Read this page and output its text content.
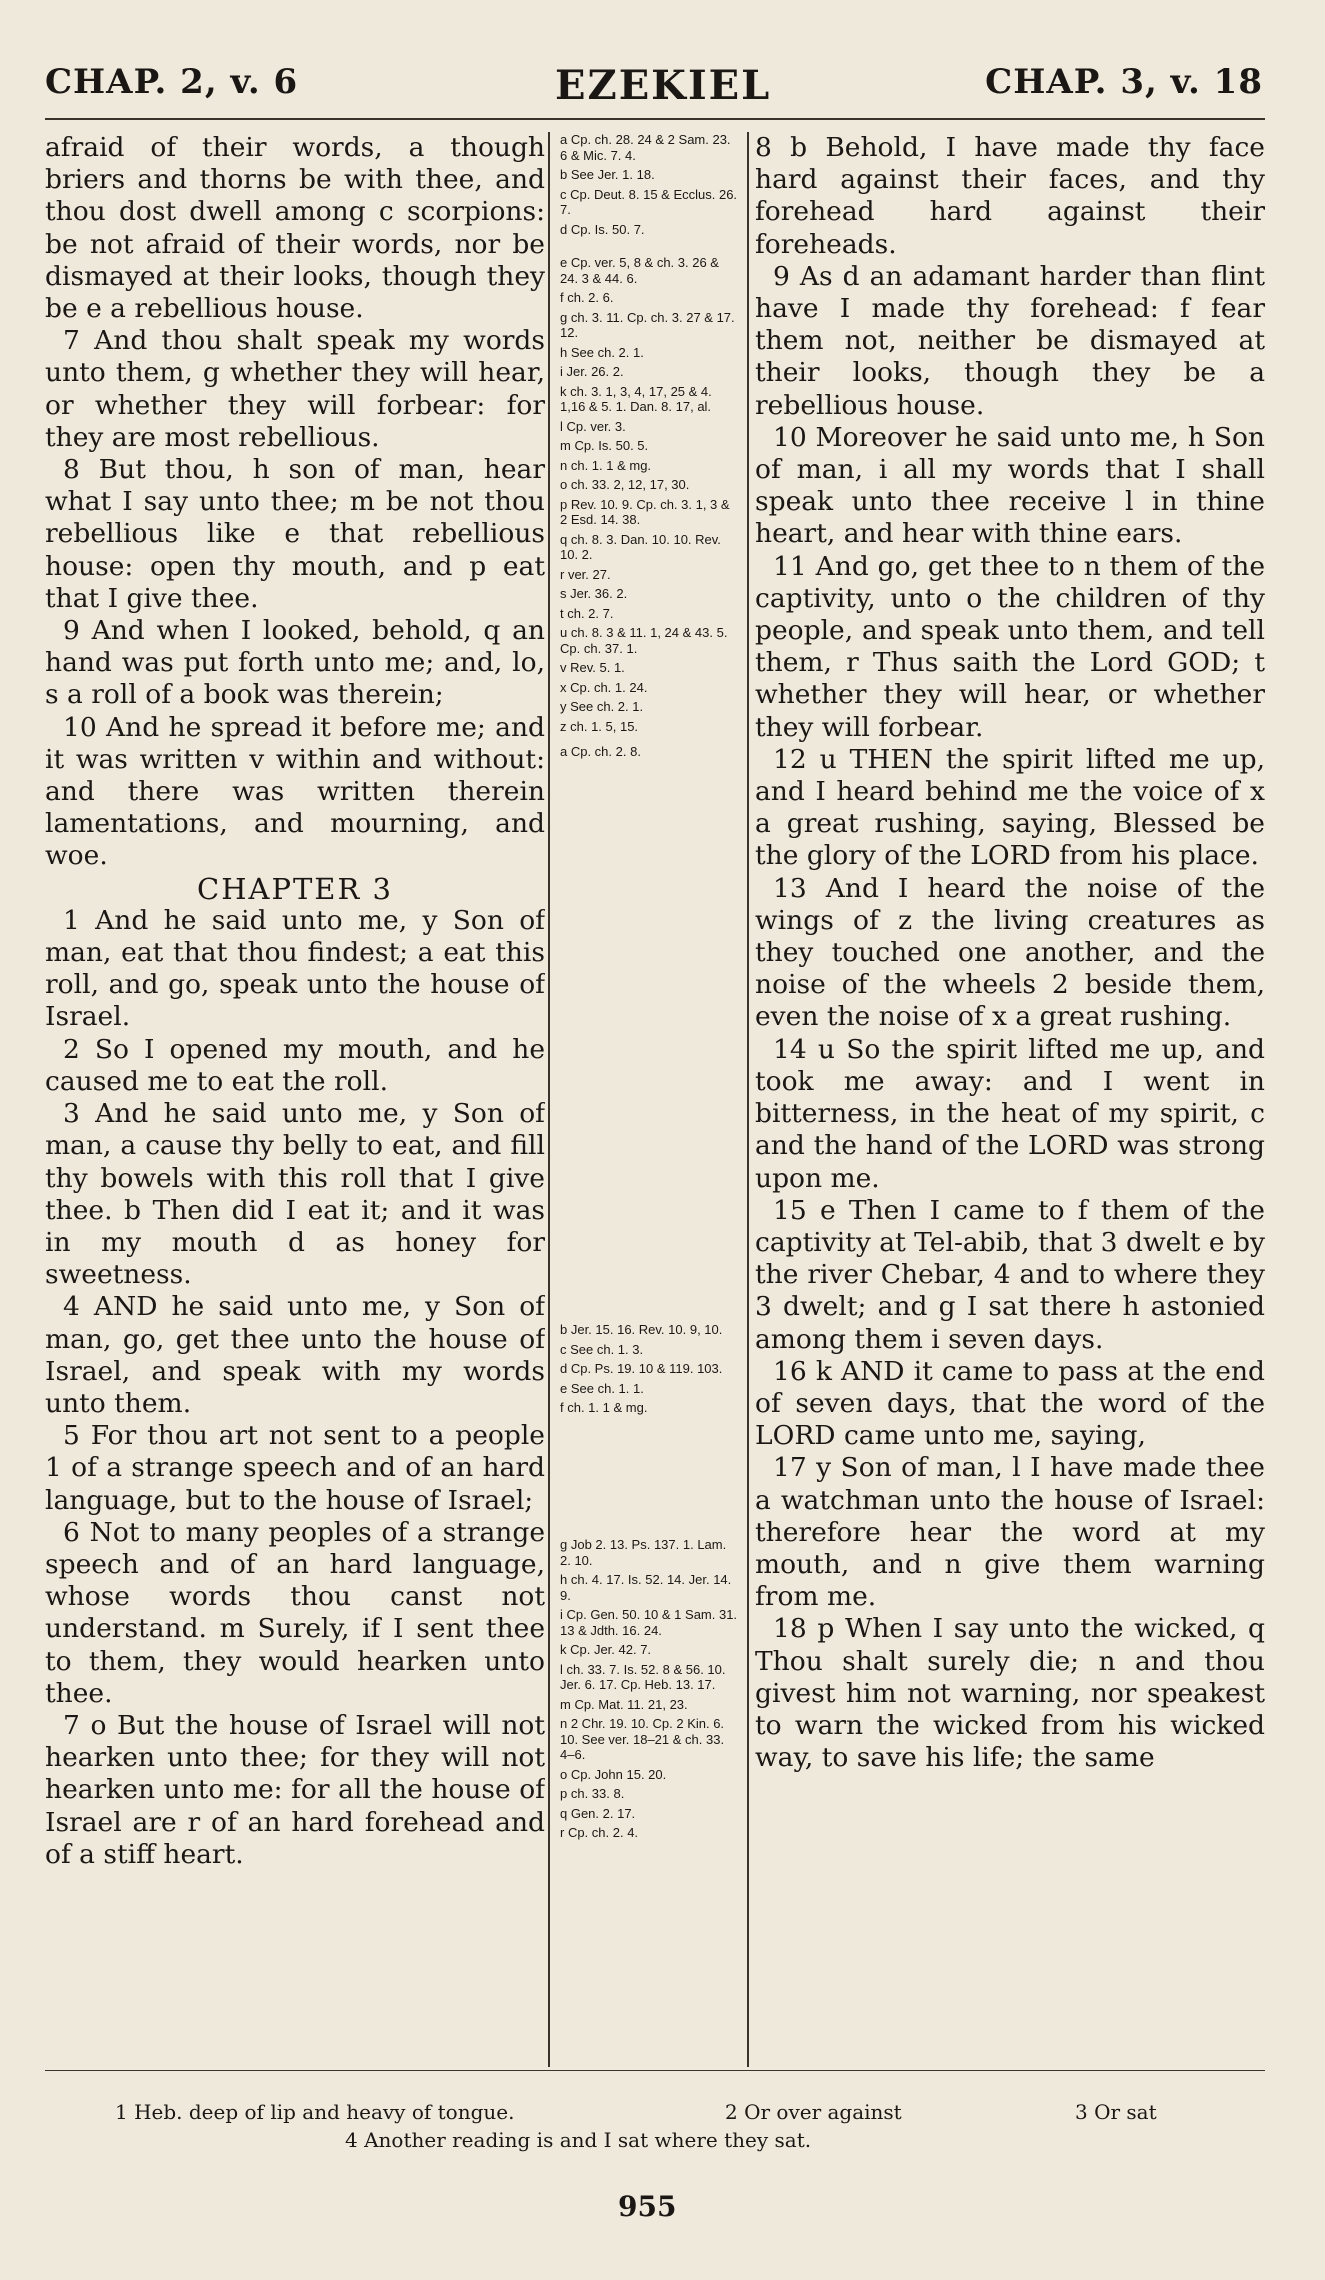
CHAP. 2, v. 6	EZEKIEL	CHAP. 3, v. 18

afraid of their words, a though briers and thorns be with thee, and thou dost dwell among c scorpions: be not afraid of their words, nor be dismayed at their looks, though they be e a rebellious house.

7 And thou shalt speak my words unto them, g whether they will hear, or whether they will forbear: for they are most rebellious.

8 But thou, h son of man, hear what I say unto thee; m be not thou rebellious like e that rebellious house: open thy mouth, and p eat that I give thee.

9 And when I looked, behold, q an hand was put forth unto me; and, lo, s a roll of a book was therein;

10 And he spread it before me; and it was written v within and without: and there was written therein lamentations, and mourning, and woe.

CHAPTER 3

1 And he said unto me, y Son of man, eat that thou findest; a eat this roll, and go, speak unto the house of Israel.

2 So I opened my mouth, and he caused me to eat the roll.

3 And he said unto me, y Son of man, a cause thy belly to eat, and fill thy bowels with this roll that I give thee. b Then did I eat it; and it was in my mouth d as honey for sweetness.

4 AND he said unto me, y Son of man, go, get thee unto the house of Israel, and speak with my words unto them.

5 For thou art not sent to a people 1 of a strange speech and of an hard language, but to the house of Israel;

6 Not to many peoples of a strange speech and of an hard language, whose words thou canst not understand. m Surely, if I sent thee to them, they would hearken unto thee.

7 o But the house of Israel will not hearken unto thee; for they will not hearken unto me: for all the house of Israel are r of an hard forehead and of a stiff heart.

a Cp. ch. 28. 24 & 2 Sam. 23. 6 & Mic. 7. 4.

b See Jer. 1. 18.

c Cp. Deut. 8. 15 & Ecclus. 26. 7.

d Cp. Is. 50. 7.

e Cp. ver. 5, 8 & ch. 3. 26 & 24. 3 & 44. 6.

f ch. 2. 6.

g ch. 3. 11. Cp. ch. 3. 27 & 17. 12.

h See ch. 2. 1.

i Jer. 26. 2.

k ch. 3. 1, 3, 4, 17, 25 & 4. 1,16 & 5. 1. Dan. 8. 17, al.

l Cp. ver. 3.

m Cp. Is. 50. 5.

n ch. 1. 1 & mg.

o ch. 33. 2, 12, 17, 30.

p Rev. 10. 9. Cp. ch. 3. 1, 3 & 2 Esd. 14. 38.

q ch. 8. 3. Dan. 10. 10. Rev. 10. 2.

r ver. 27.

s Jer. 36. 2.

t ch. 2. 7.

u ch. 8. 3 & 11. 1, 24 & 43. 5. Cp. ch. 37. 1.

v Rev. 5. 1.

x Cp. ch. 1. 24.

y See ch. 2. 1.

z ch. 1. 5, 15.

a Cp. ch. 2. 8.

b Jer. 15. 16. Rev. 10. 9, 10.

c See ch. 1. 3.

d Cp. Ps. 19. 10 & 119. 103.

e See ch. 1. 1.

f ch. 1. 1 & mg.

g Job 2. 13. Ps. 137. 1. Lam. 2. 10.

h ch. 4. 17. Is. 52. 14. Jer. 14. 9.

i Cp. Gen. 50. 10 & 1 Sam. 31. 13 & Jdth. 16. 24.

k Cp. Jer. 42. 7.

l ch. 33. 7. Is. 52. 8 & 56. 10. Jer. 6. 17. Cp. Heb. 13. 17.

m Cp. Mat. 11. 21, 23.

n 2 Chr. 19. 10. Cp. 2 Kin. 6. 10. See ver. 18–21 & ch. 33. 4–6.

o Cp. John 15. 20.

p ch. 33. 8.

q Gen. 2. 17.

r Cp. ch. 2. 4.

8 b Behold, I have made thy face hard against their faces, and thy forehead hard against their foreheads.

9 As d an adamant harder than flint have I made thy forehead: f fear them not, neither be dismayed at their looks, though they be a rebellious house.

10 Moreover he said unto me, h Son of man, i all my words that I shall speak unto thee receive l in thine heart, and hear with thine ears.

11 And go, get thee to n them of the captivity, unto o the children of thy people, and speak unto them, and tell them, r Thus saith the Lord GOD; t whether they will hear, or whether they will forbear.

12 u THEN the spirit lifted me up, and I heard behind me the voice of x a great rushing, saying, Blessed be the glory of the LORD from his place.

13 And I heard the noise of the wings of z the living creatures as they touched one another, and the noise of the wheels 2 beside them, even the noise of x a great rushing.

14 u So the spirit lifted me up, and took me away: and I went in bitterness, in the heat of my spirit, c and the hand of the LORD was strong upon me.

15 e Then I came to f them of the captivity at Tel-abib, that 3 dwelt e by the river Chebar, 4 and to where they 3 dwelt; and g I sat there h astonied among them i seven days.

16 k AND it came to pass at the end of seven days, that the word of the LORD came unto me, saying,

17 y Son of man, l I have made thee a watchman unto the house of Israel: therefore hear the word at my mouth, and n give them warning from me.

18 p When I say unto the wicked, q Thou shalt surely die; n and thou givest him not warning, nor speakest to warn the wicked from his wicked way, to save his life; the same

1 Heb. deep of lip and heavy of tongue.	2 Or over against	3 Or sat
4 Another reading is and I sat where they sat.
955
